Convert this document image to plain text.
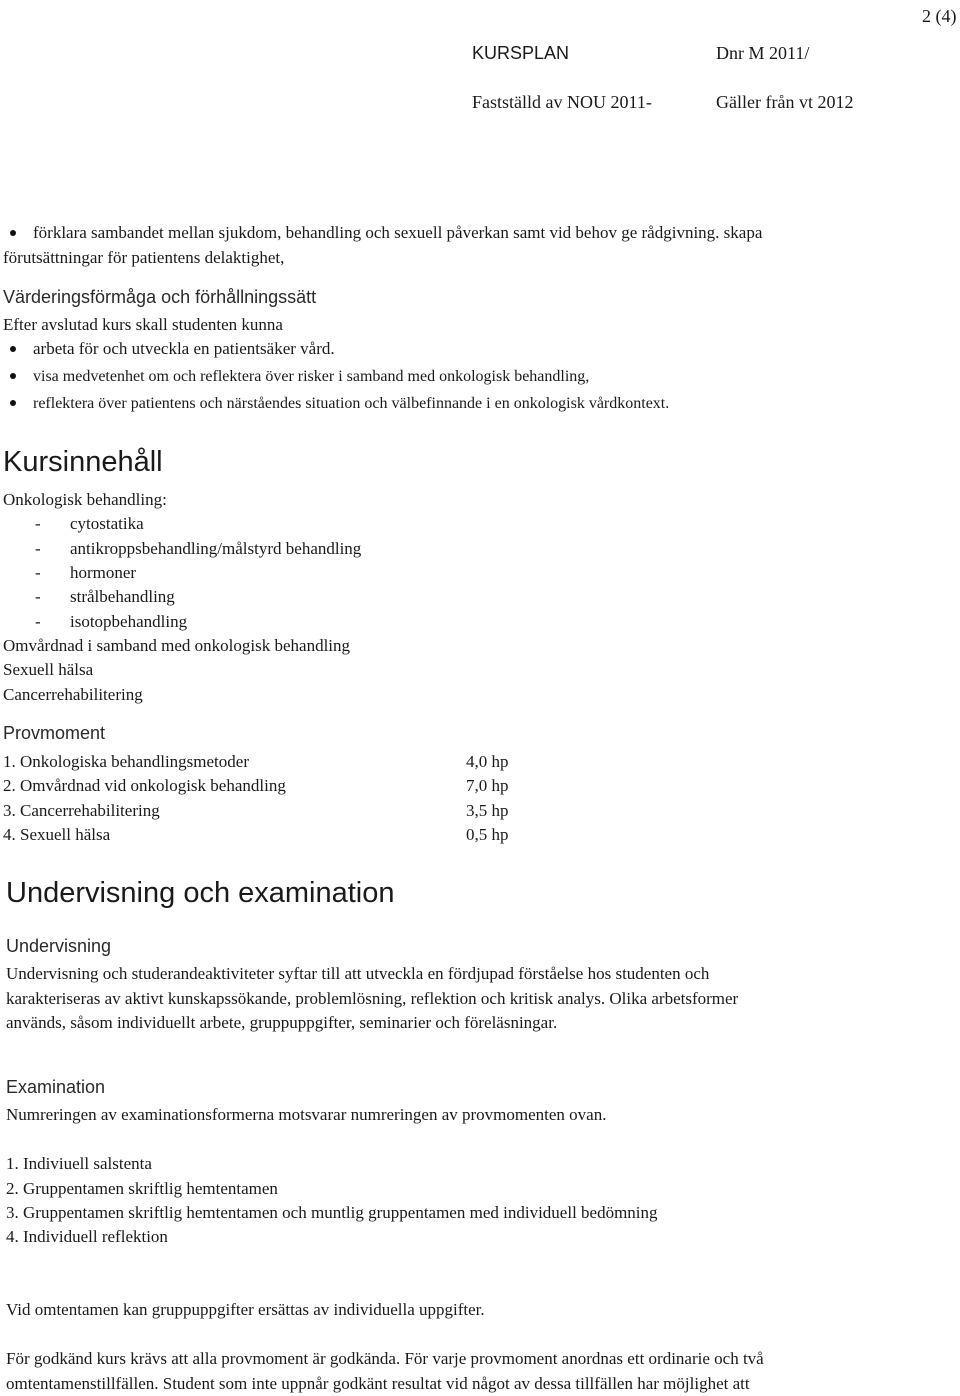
2 (4)
KURSPLAN	Dnr M 2011/
Fastställd av NOU 2011-	Gäller från vt 2012
förklara sambandet mellan sjukdom, behandling och sexuell påverkan samt vid behov ge rådgivning. skapa
förutsättningar för patientens delaktighet,
Värderingsförmåga och förhållningssätt
Efter avslutad kurs skall studenten kunna
arbeta för och utveckla en patientsäker vård.
visa medvetenhet om och reflektera över risker i samband med onkologisk behandling,
reflektera över patientens och närståendes situation och välbefinnande i en onkologisk vårdkontext.
Kursinnehåll
Onkologisk behandling:
- cytostatika
- antikroppsbehandling/målstyrd behandling
- hormoner
- strålbehandling
- isotopbehandling
Omvårdnad i samband med onkologisk behandling
Sexuell hälsa
Cancerrehabilitering
Provmoment
1. Onkologiska behandlingsmetoder	4,0 hp
2. Omvårdnad vid onkologisk behandling	7,0 hp
3. Cancerrehabilitering	3,5 hp
4. Sexuell hälsa	0,5 hp
Undervisning och examination
Undervisning
Undervisning och studerandeaktiviteter syftar till att utveckla en fördjupad förståelse hos studenten och
karakteriseras av aktivt kunskapssökande, problemlösning, reflektion och kritisk analys. Olika arbetsformer
används, såsom individuellt arbete, gruppuppgifter, seminarier och föreläsningar.
Examination
Numreringen av examinationsformerna motsvarar numreringen av provmomenten ovan.
1. Indiviuell salstenta
2. Gruppentamen skriftlig hemtentamen
3. Gruppentamen skriftlig hemtentamen och muntlig gruppentamen med individuell bedömning
4. Individuell reflektion
Vid omtentamen kan gruppuppgifter ersättas av individuella uppgifter.
För godkänd kurs krävs att alla provmoment är godkända. För varje provmoment anordnas ett ordinarie och två
omtentamenstillfällen. Student som inte uppnår godkänt resultat vid något av dessa tillfällen har möjlighet att
